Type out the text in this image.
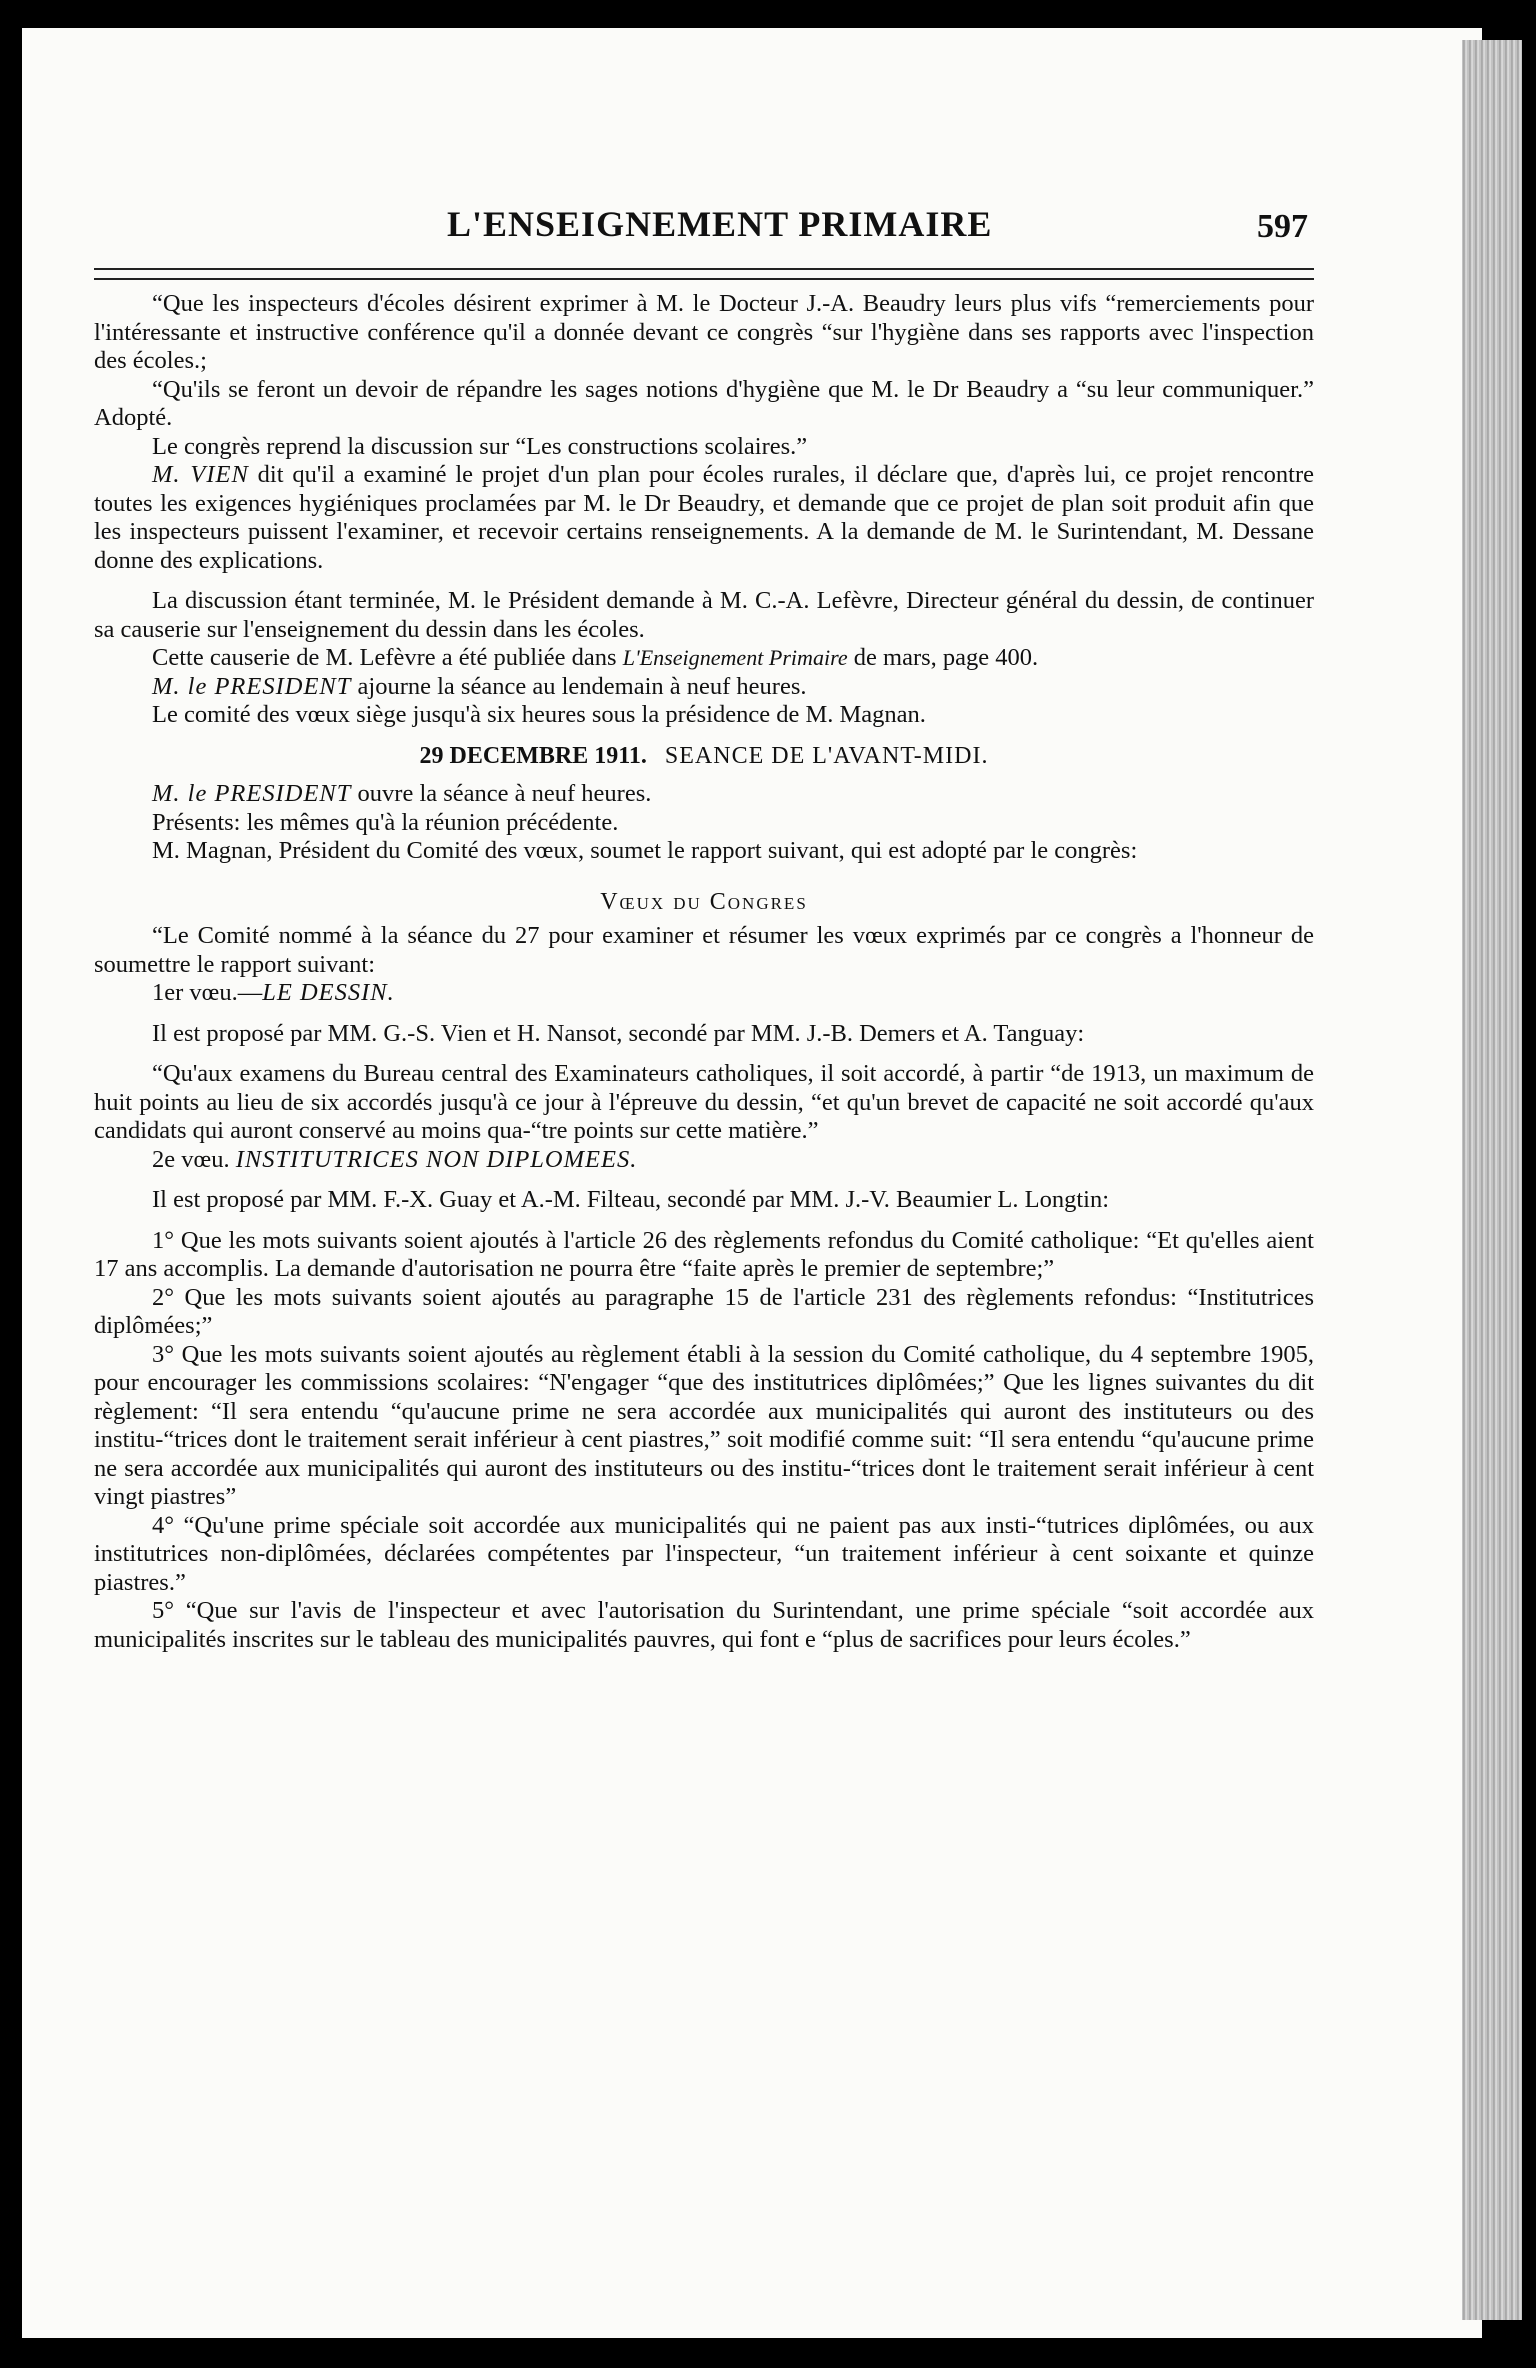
L'ENSEIGNEMENT PRIMAIRE	597

“Que les inspecteurs d'écoles désirent exprimer à M. le Docteur J.-A. Beaudry leurs plus vifs “remerciements pour l'intéressante et instructive conférence qu'il a donnée devant ce congrès “sur l'hygiène dans ses rapports avec l'inspection des écoles.;

“Qu'ils se feront un devoir de répandre les sages notions d'hygiène que M. le Dr Beaudry a “su leur communiquer.” Adopté.

Le congrès reprend la discussion sur “Les constructions scolaires.”

M. VIEN dit qu'il a examiné le projet d'un plan pour écoles rurales, il déclare que, d'après lui, ce projet rencontre toutes les exigences hygiéniques proclamées par M. le Dr Beaudry, et demande que ce projet de plan soit produit afin que les inspecteurs puissent l'examiner, et recevoir certains renseignements. A la demande de M. le Surintendant, M. Dessane donne des explications.

La discussion étant terminée, M. le Président demande à M. C.-A. Lefèvre, Directeur général du dessin, de continuer sa causerie sur l'enseignement du dessin dans les écoles.

Cette causerie de M. Lefèvre a été publiée dans L'Enseignement Primaire de mars, page 400.

M. le PRESIDENT ajourne la séance au lendemain à neuf heures.

Le comité des vœux siège jusqu'à six heures sous la présidence de M. Magnan.

29 DECEMBRE 1911. SEANCE DE L'AVANT-MIDI.

M. le PRESIDENT ouvre la séance à neuf heures.

Présents: les mêmes qu'à la réunion précédente.

M. Magnan, Président du Comité des vœux, soumet le rapport suivant, qui est adopté par le congrès:

Vœux du Congres

“Le Comité nommé à la séance du 27 pour examiner et résumer les vœux exprimés par ce congrès a l'honneur de soumettre le rapport suivant:

1er vœu.—LE DESSIN.

Il est proposé par MM. G.-S. Vien et H. Nansot, secondé par MM. J.-B. Demers et A. Tanguay:

“Qu'aux examens du Bureau central des Examinateurs catholiques, il soit accordé, à partir “de 1913, un maximum de huit points au lieu de six accordés jusqu'à ce jour à l'épreuve du dessin, “et qu'un brevet de capacité ne soit accordé qu'aux candidats qui auront conservé au moins qua-“tre points sur cette matière.”

2e vœu. INSTITUTRICES NON DIPLOMEES.

Il est proposé par MM. F.-X. Guay et A.-M. Filteau, secondé par MM. J.-V. Beaumier L. Longtin:

1° Que les mots suivants soient ajoutés à l'article 26 des règlements refondus du Comité catholique: “Et qu'elles aient 17 ans accomplis. La demande d'autorisation ne pourra être “faite après le premier de septembre;”

2° Que les mots suivants soient ajoutés au paragraphe 15 de l'article 231 des règlements refondus: “Institutrices diplômées;”

3° Que les mots suivants soient ajoutés au règlement établi à la session du Comité catholique, du 4 septembre 1905, pour encourager les commissions scolaires: “N'engager “que des institutrices diplômées;” Que les lignes suivantes du dit règlement: “Il sera entendu “qu'aucune prime ne sera accordée aux municipalités qui auront des instituteurs ou des institu-“trices dont le traitement serait inférieur à cent piastres,” soit modifié comme suit: “Il sera entendu “qu'aucune prime ne sera accordée aux municipalités qui auront des instituteurs ou des institu-“trices dont le traitement serait inférieur à cent vingt piastres”

4° “Qu'une prime spéciale soit accordée aux municipalités qui ne paient pas aux insti-“tutrices diplômées, ou aux institutrices non-diplômées, déclarées compétentes par l'inspecteur, “un traitement inférieur à cent soixante et quinze piastres.”

5° “Que sur l'avis de l'inspecteur et avec l'autorisation du Surintendant, une prime spéciale “soit accordée aux municipalités inscrites sur le tableau des municipalités pauvres, qui font e “plus de sacrifices pour leurs écoles.”
